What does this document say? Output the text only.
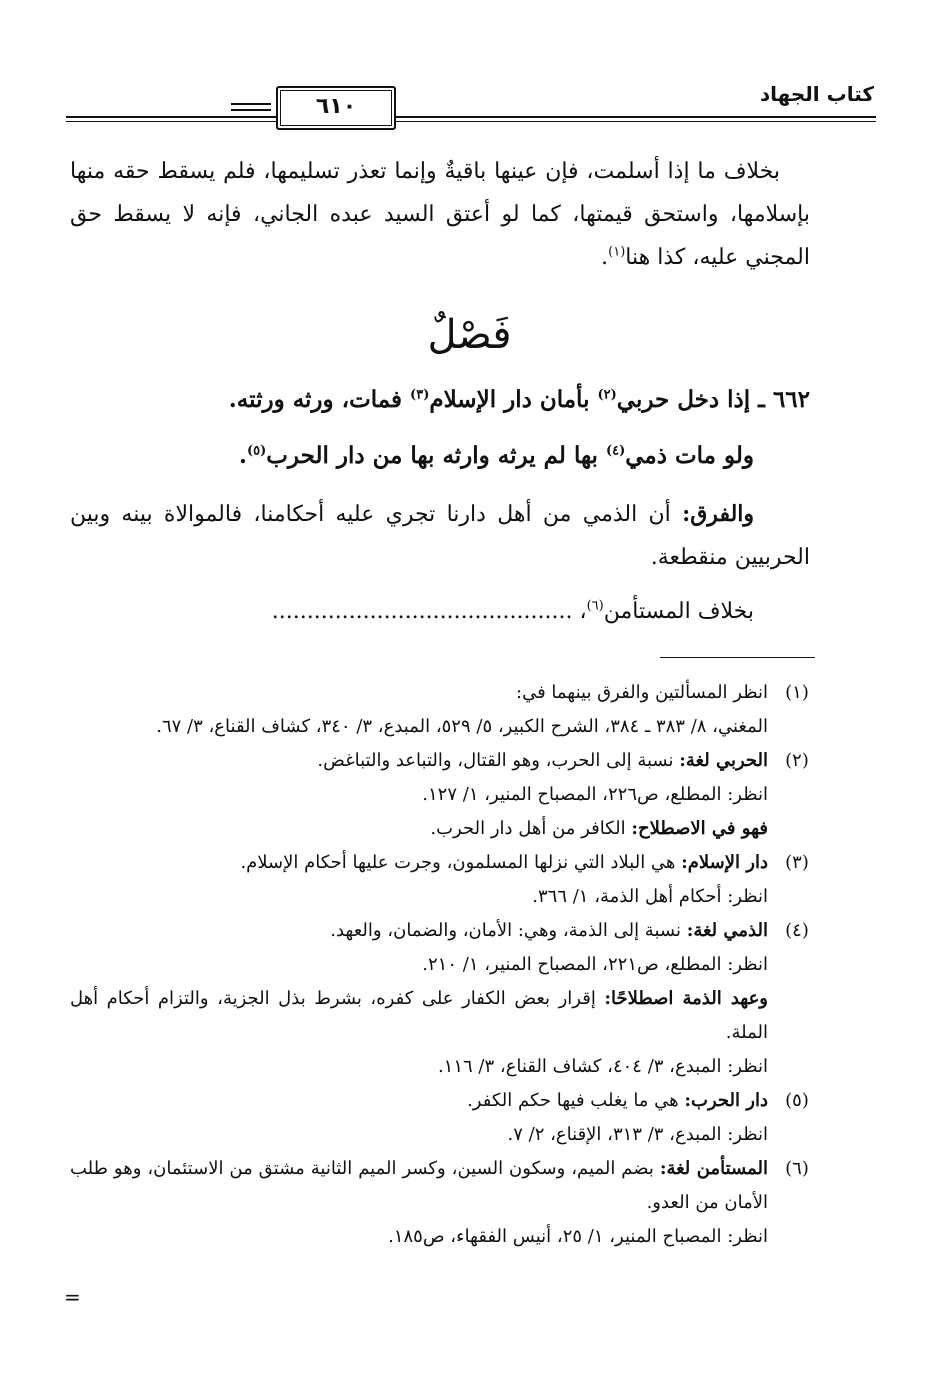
كتاب الجهاد
٦١٠

بخلاف ما إذا أسلمت، فإن عينها باقيةٌ وإنما تعذر تسليمها، فلم يسقط حقه منها بإسلامها، واستحق قيمتها، كما لو أعتق السيد عبده الجاني، فإنه لا يسقط حق المجني عليه، كذا هنا$^{(١)}$.

فَصْلٌ
٦٦٢ ـ إذا دخل حربي$^{(٢)}$ بأمان دار الإسلام$^{(٣)}$ فمات، ورثه ورثته.
ولو مات ذمي$^{(٤)}$ بها لم يرثه وارثه بها من دار الحرب$^{(٥)}$.

والفرق: أن الذمي من أهل دارنا تجري عليه أحكامنا، فالموالاة بينه وبين الحربيين منقطعة.

بخلاف المستأمن$^{(٦)}$، ...........................................
(١)
انظر المسألتين والفرق بينهما في:
المغني، ٨/ ٣٨٣ ـ ٣٨٤، الشرح الكبير، ٥/ ٥٢٩، المبدع، ٣/ ٣٤٠، كشاف القناع، ٣/ ٦٧.
(٢)
الحربي لغة: نسبة إلى الحرب، وهو القتال، والتباعد والتباغض.
انظر: المطلع، ص٢٢٦، المصباح المنير، ١/ ١٢٧.
فهو في الاصطلاح: الكافر من أهل دار الحرب.
(٣)
دار الإسلام: هي البلاد التي نزلها المسلمون، وجرت عليها أحكام الإسلام.
انظر: أحكام أهل الذمة، ١/ ٣٦٦.
(٤)
الذمي لغة: نسبة إلى الذمة، وهي: الأمان، والضمان، والعهد.
انظر: المطلع، ص٢٢١، المصباح المنير، ١/ ٢١٠.
وعهد الذمة اصطلاحًا: إقرار بعض الكفار على كفره، بشرط بذل الجزية، والتزام أحكام أهل الملة.
انظر: المبدع، ٣/ ٤٠٤، كشاف القناع، ٣/ ١١٦.
(٥)
دار الحرب: هي ما يغلب فيها حكم الكفر.
انظر: المبدع، ٣/ ٣١٣، الإقناع، ٢/ ٧.
(٦)
المستأمن لغة: بضم الميم، وسكون السين، وكسر الميم الثانية مشتق من الاستئمان، وهو طلب الأمان من العدو.
انظر: المصباح المنير، ١/ ٢٥، أنيس الفقهاء، ص١٨٥.
=
